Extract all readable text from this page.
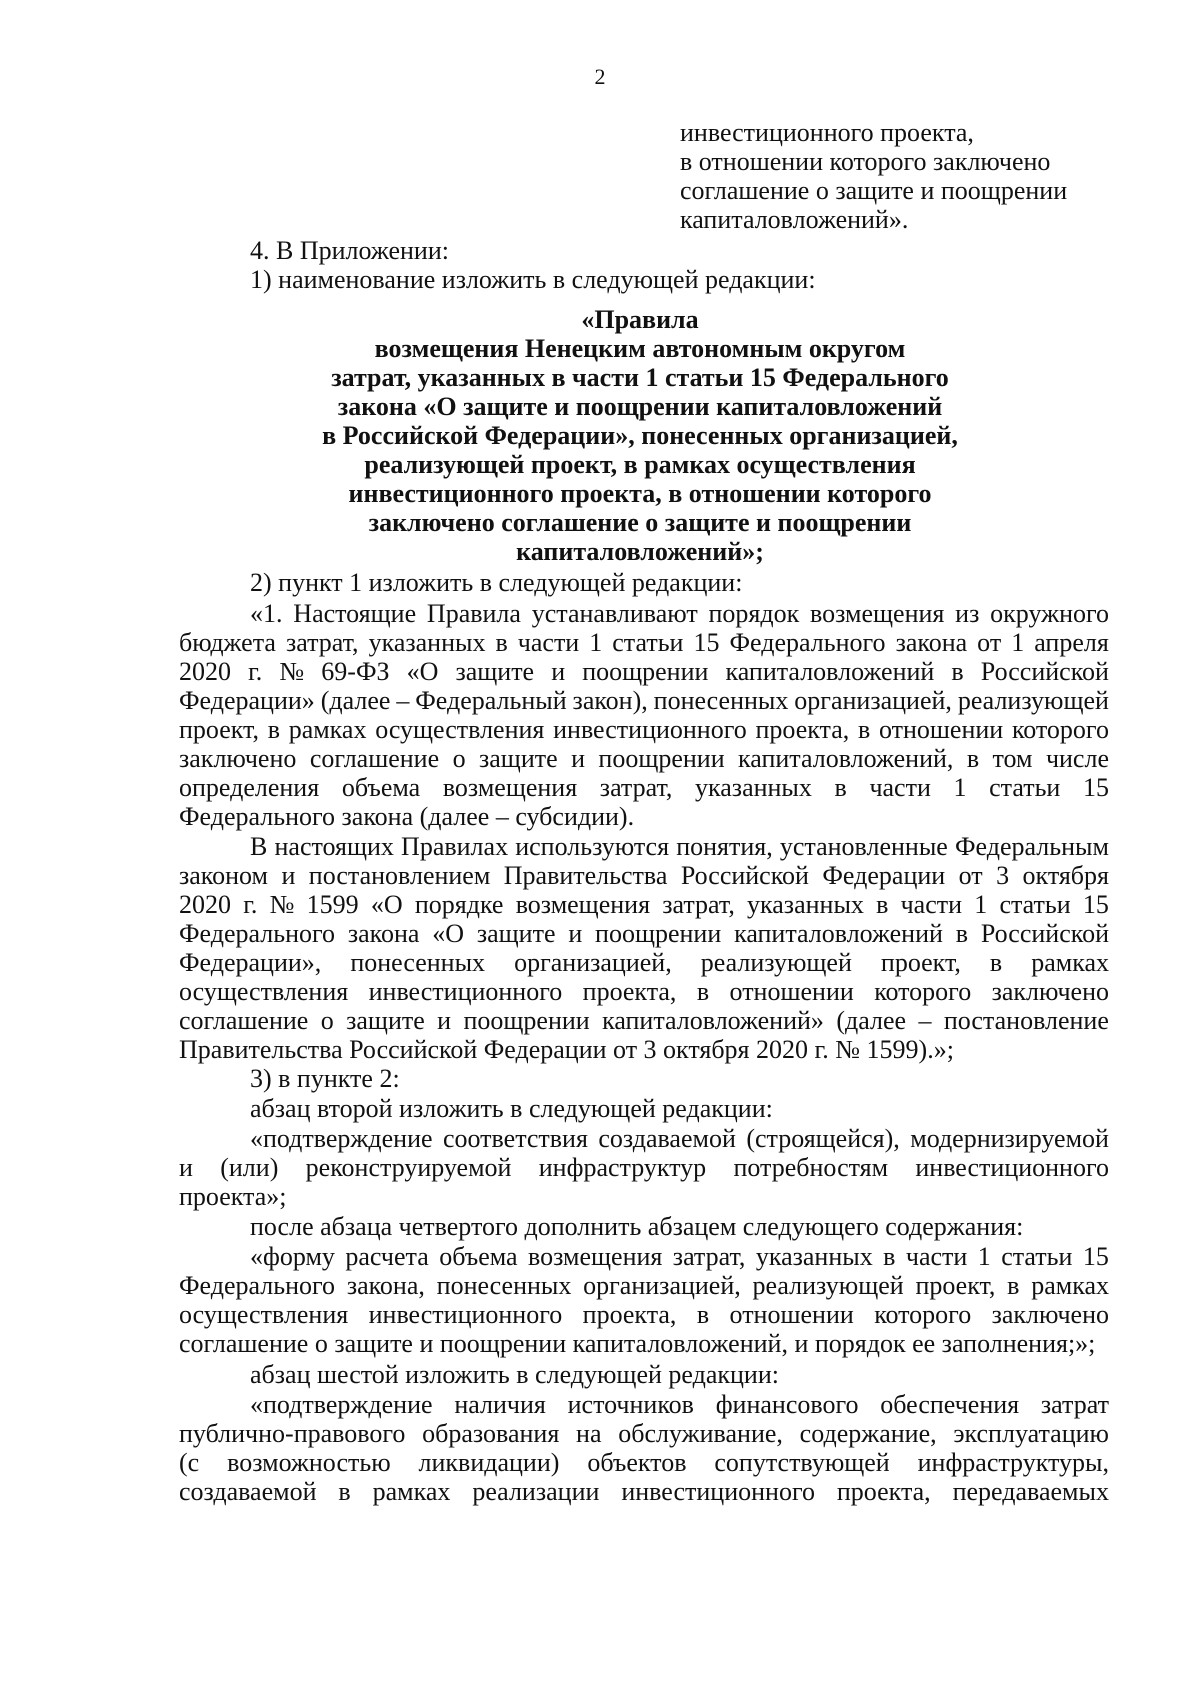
2
инвестиционного проекта,
в отношении которого заключено
соглашение о защите и поощрении
капиталовложений».
4. В Приложении:
1) наименование изложить в следующей редакции:
«Правила
возмещения Ненецким автономным округом
затрат, указанных в части 1 статьи 15 Федерального
закона «О защите и поощрении капиталовложений
в Российской Федерации», понесенных организацией,
реализующей проект, в рамках осуществления
инвестиционного проекта, в отношении которого
заключено соглашение о защите и поощрении
капиталовложений»;
2) пункт 1 изложить в следующей редакции:
«1. Настоящие Правила устанавливают порядок возмещения из окружного
бюджета затрат, указанных в части 1 статьи 15 Федерального закона от 1 апреля
2020 г. № 69-ФЗ «О защите и поощрении капиталовложений в Российской
Федерации» (далее – Федеральный закон), понесенных организацией, реализующей
проект, в рамках осуществления инвестиционного проекта, в отношении которого
заключено соглашение о защите и поощрении капиталовложений, в том числе
определения объема возмещения затрат, указанных в части 1 статьи 15
Федерального закона (далее – субсидии).
В настоящих Правилах используются понятия, установленные Федеральным
законом и постановлением Правительства Российской Федерации от 3 октября
2020 г. № 1599 «О порядке возмещения затрат, указанных в части 1 статьи 15
Федерального закона «О защите и поощрении капиталовложений в Российской
Федерации», понесенных организацией, реализующей проект, в рамках
осуществления инвестиционного проекта, в отношении которого заключено
соглашение о защите и поощрении капиталовложений» (далее – постановление
Правительства Российской Федерации от 3 октября 2020 г. № 1599).»;
3) в пункте 2:
абзац второй изложить в следующей редакции:
«подтверждение соответствия создаваемой (строящейся), модернизируемой
и (или) реконструируемой инфраструктур потребностям инвестиционного
проекта»;
после абзаца четвертого дополнить абзацем следующего содержания:
«форму расчета объема возмещения затрат, указанных в части 1 статьи 15
Федерального закона, понесенных организацией, реализующей проект, в рамках
осуществления инвестиционного проекта, в отношении которого заключено
соглашение о защите и поощрении капиталовложений, и порядок ее заполнения;»;
абзац шестой изложить в следующей редакции:
«подтверждение наличия источников финансового обеспечения затрат
публично-правового образования на обслуживание, содержание, эксплуатацию
(с возможностью ликвидации) объектов сопутствующей инфраструктуры,
создаваемой в рамках реализации инвестиционного проекта, передаваемых
